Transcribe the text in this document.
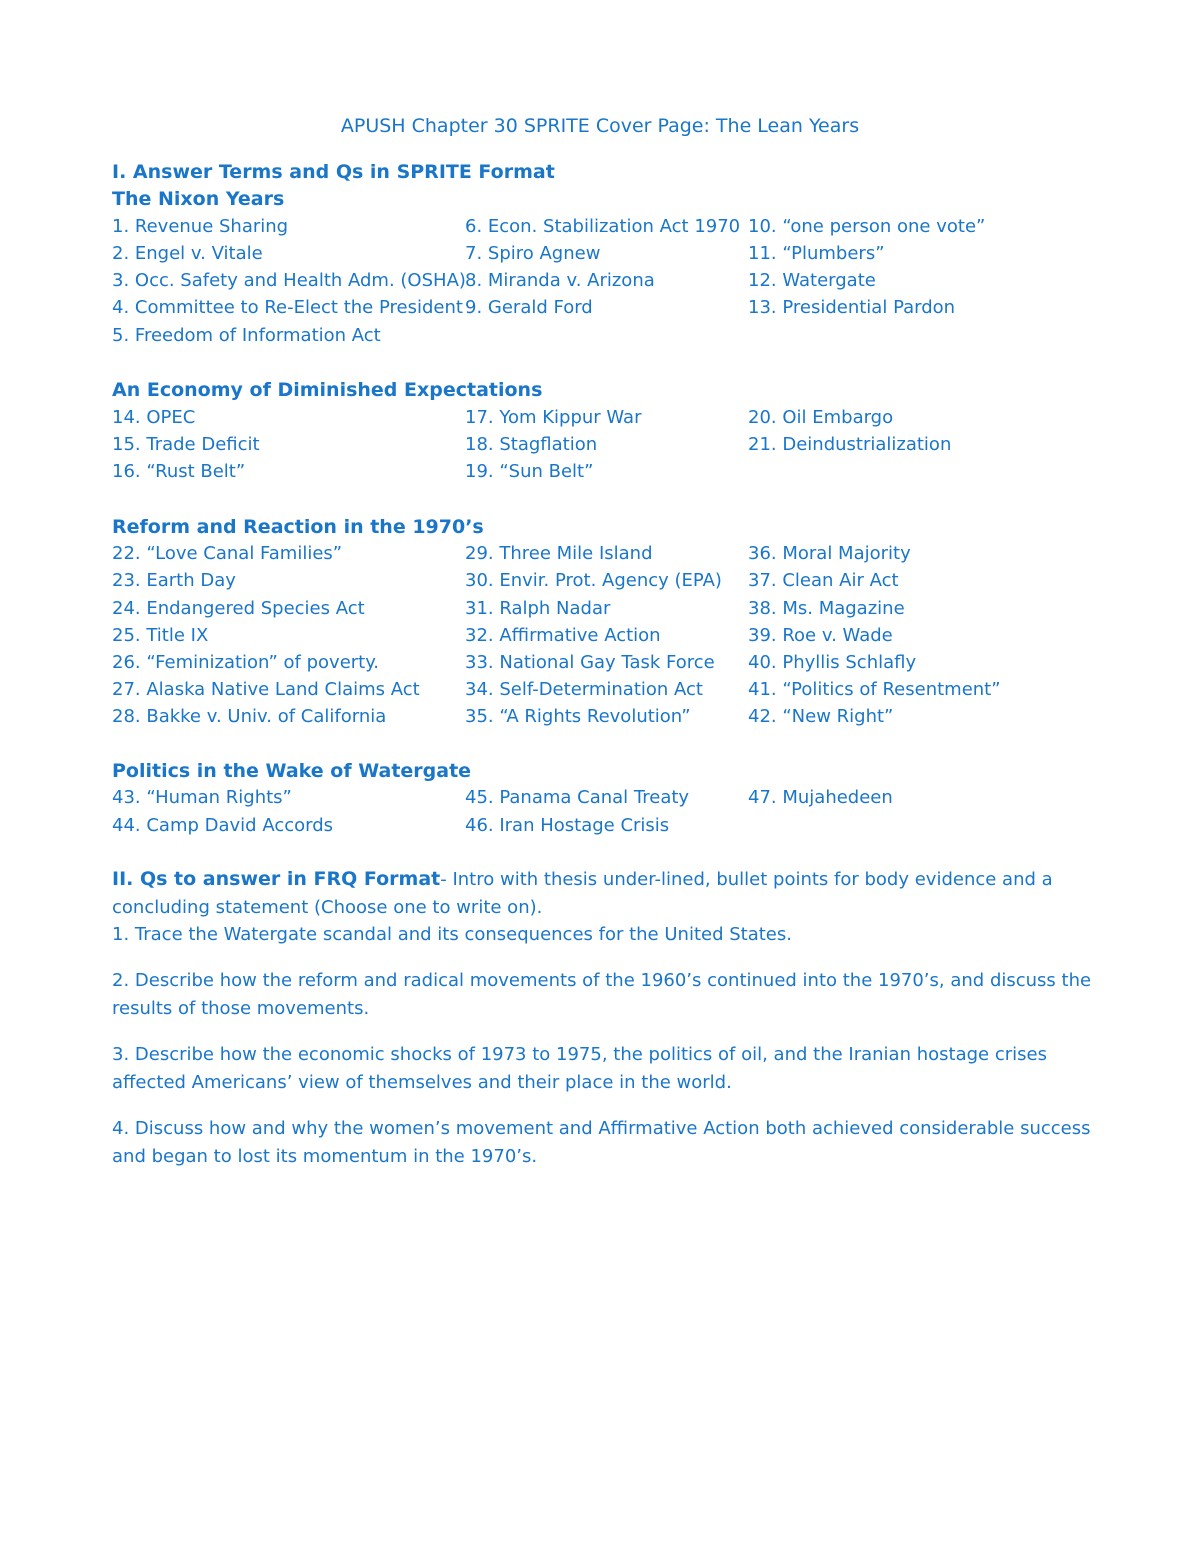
APUSH Chapter 30 SPRITE Cover Page: The Lean Years
I. Answer Terms and Qs in SPRITE Format
The Nixon Years
1. Revenue Sharing	6. Econ. Stabilization Act 1970 10. “one person one vote”
2. Engel v. Vitale	7. Spiro Agnew	11. “Plumbers”
3. Occ. Safety and Health Adm. (OSHA) 8. Miranda v. Arizona	12. Watergate
4. Committee to Re-Elect the President 9. Gerald Ford	13. Presidential Pardon
5. Freedom of Information Act
An Economy of Diminished Expectations
14. OPEC	17. Yom Kippur War	20. Oil Embargo
15. Trade Deficit	18. Stagflation	21. Deindustrialization
16. “Rust Belt”	19. “Sun Belt”
Reform and Reaction in the 1970’s
22. “Love Canal Families”	29. Three Mile Island	36. Moral Majority
23. Earth Day	30. Envir. Prot. Agency (EPA) 37. Clean Air Act
24. Endangered Species Act	31. Ralph Nadar	38. Ms. Magazine
25. Title IX	32. Affirmative Action	39. Roe v. Wade
26. “Feminization” of poverty.	33. National Gay Task Force 40. Phyllis Schlafly
27. Alaska Native Land Claims Act	34. Self-Determination Act	41. “Politics of Resentment”
28. Bakke v. Univ. of California	35. “A Rights Revolution”	42. “New Right”
Politics in the Wake of Watergate
43. “Human Rights”	45. Panama Canal Treaty	47. Mujahedeen
44. Camp David Accords	46. Iran Hostage Crisis
II. Qs to answer in FRQ Format- Intro with thesis under-lined, bullet points for body evidence and a concluding statement (Choose one to write on).
1. Trace the Watergate scandal and its consequences for the United States.
2. Describe how the reform and radical movements of the 1960’s continued into the 1970’s, and discuss the results of those movements.
3. Describe how the economic shocks of 1973 to 1975, the politics of oil, and the Iranian hostage crises affected Americans’ view of themselves and their place in the world.
4. Discuss how and why the women’s movement and Affirmative Action both achieved considerable success and began to lost its momentum in the 1970’s.
